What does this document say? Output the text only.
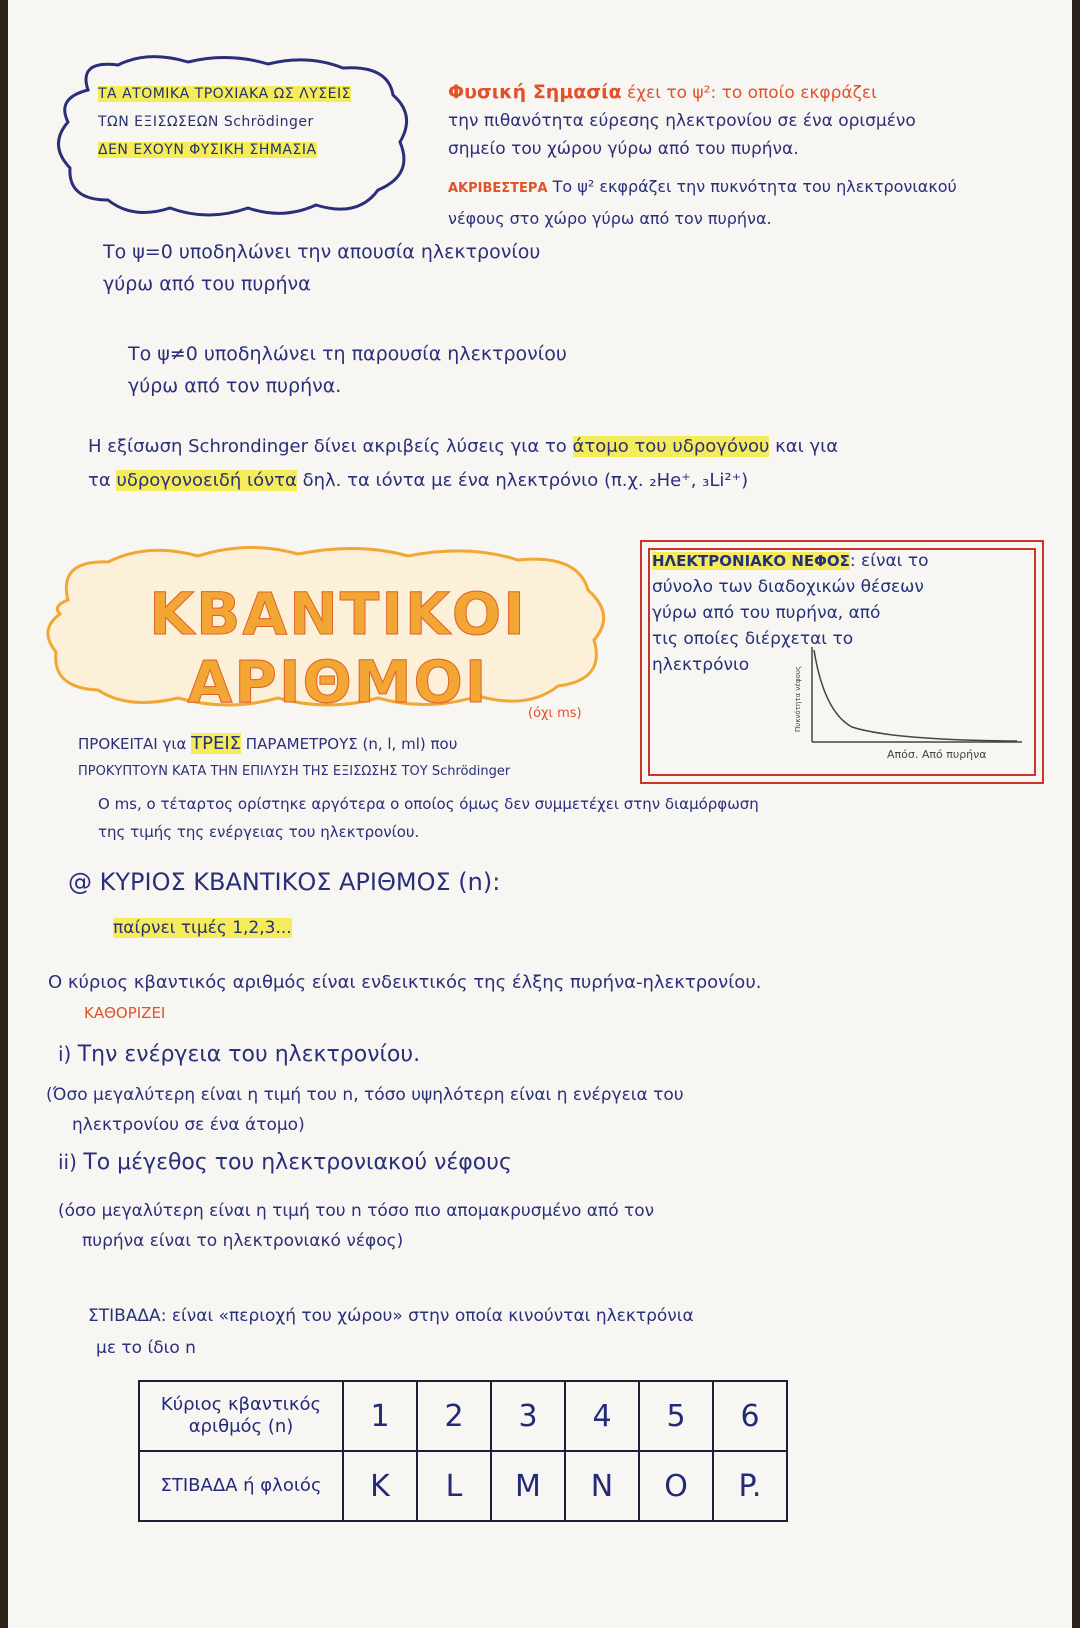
ΤΑ ΑΤΟΜΙΚΑ ΤΡΟΧΙΑΚΑ ΩΣ ΛΥΣΕΙΣ
ΤΩΝ ΕΞΙΣΩΣΕΩΝ Schrödinger
ΔΕΝ ΕΧΟΥΝ ΦΥΣΙΚΗ ΣΗΜΑΣΙΑ
Φυσική Σημασία έχει το ψ²: το οποίο εκφράζει
την πιθανότητα εύρεσης ηλεκτρονίου σε ένα ορισμένο
σημείο του χώρου γύρω από του πυρήνα.
ΑΚΡΙΒΕΣΤΕΡΑ Το ψ² εκφράζει την πυκνότητα του ηλεκτρονιακού
νέφους στο χώρο γύρω από τον πυρήνα.
Το ψ=0 υποδηλώνει την απουσία ηλεκτρονίου
γύρω από του πυρήνα
Το ψ≠0 υποδηλώνει τη παρουσία ηλεκτρονίου
γύρω από τον πυρήνα.
Η εξίσωση Schrondinger δίνει ακριβείς λύσεις για το άτομο του υδρογόνου και για
τα υδρογονοειδή ιόντα δηλ. τα ιόντα με ένα ηλεκτρόνιο (π.χ. ₂He⁺, ₃Li²⁺)
ΚΒΑΝΤΙΚΟΙ ΑΡΙΘΜΟΙ
ΗΛΕΚΤΡΟΝΙΑΚΟ ΝΕΦΟΣ: είναι το
σύνολο των διαδοχικών θέσεων
γύρω από του πυρήνα, από
τις οποίες διέρχεται το
ηλεκτρόνιο
Πυκνότητα νέφους
Απόσ. Από πυρήνα
(όχι ms)
ΠΡΟΚΕΙΤΑΙ για ΤΡΕΙΣ ΠΑΡΑΜΕΤΡΟΥΣ (n, l, ml) που
ΠΡΟΚΥΠΤΟΥΝ ΚΑΤΑ ΤΗΝ ΕΠΙΛΥΣΗ ΤΗΣ ΕΞΙΣΩΣΗΣ ΤΟΥ Schrödinger
Ο ms, ο τέταρτος ορίστηκε αργότερα ο οποίος όμως δεν συμμετέχει στην διαμόρφωση
της τιμής της ενέργειας του ηλεκτρονίου.
@ ΚΥΡΙΟΣ ΚΒΑΝΤΙΚΟΣ ΑΡΙΘΜΟΣ (n):
παίρνει τιμές 1,2,3...
Ο κύριος κβαντικός αριθμός είναι ενδεικτικός της έλξης πυρήνα-ηλεκτρονίου.
ΚΑΘΟΡΙΖΕΙ
i) Την ενέργεια του ηλεκτρονίου.
(Όσο μεγαλύτερη είναι η τιμή του n, τόσο υψηλότερη είναι η ενέργεια του
ηλεκτρονίου σε ένα άτομο)
ii) Το μέγεθος του ηλεκτρονιακού νέφους
(όσο μεγαλύτερη είναι η τιμή του n τόσο πιο απομακρυσμένο από τον
πυρήνα είναι το ηλεκτρονιακό νέφος)
ΣΤΙΒΑΔΑ: είναι «περιοχή του χώρου» στην οποία κινούνται ηλεκτρόνια
με το ίδιο n
Κύριος κβαντικός αριθμός (n)	1	2	3	4	5	6
ΣΤΙΒΑΔΑ ή φλοιός	K	L	M	N	O	P.
